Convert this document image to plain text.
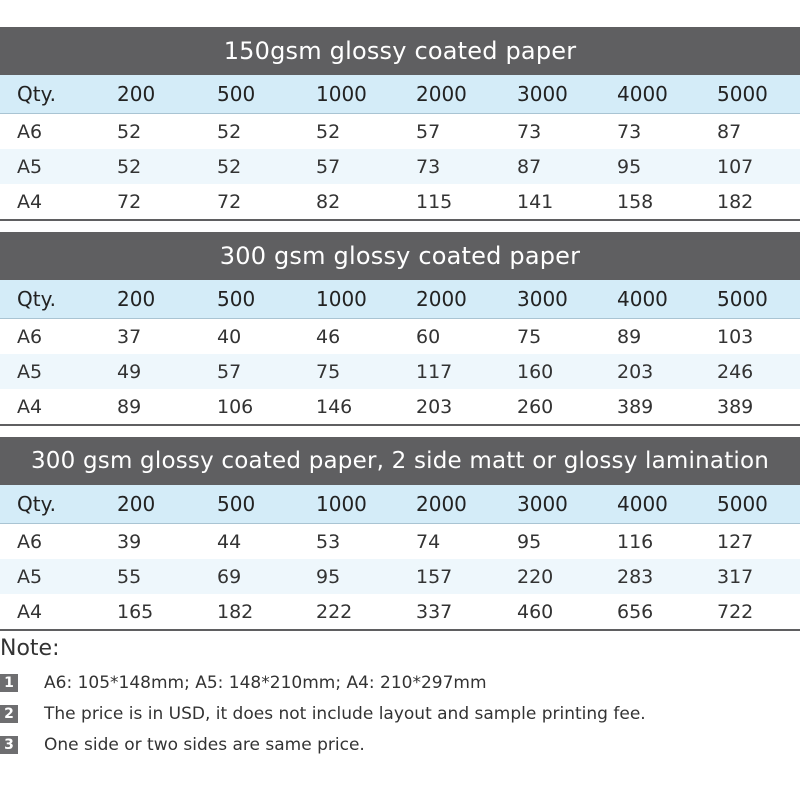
150gsm glossy coated paper
Qty.	200	500	1000 2000	3000 4000 5000
A6	52	52	52	57	73	73	87
A5	52	52	57	73	87	95	107
A4	72	72	82	115	141	158	182
300 gsm glossy coated paper
Qty.	200	500	1000 2000	3000 4000 5000
A6	37	40	46	60	75	89	103
A5	49	57	75	117	160	203	246
A4	89	106	146	203	260	389	389
300 gsm glossy coated paper, 2 side matt or glossy lamination
Qty.	200	500	1000 2000	3000 4000 5000
A6	39	44	53	74	95	116	127
A5	55	69	95	157	220	283	317
A4	165	182	222	337	460	656	722
Note:
1 A6: 105*148mm; A5: 148*210mm; A4: 210*297mm
2 The price is in USD, it does not include layout and sample printing fee.
3 One side or two sides are same price.
